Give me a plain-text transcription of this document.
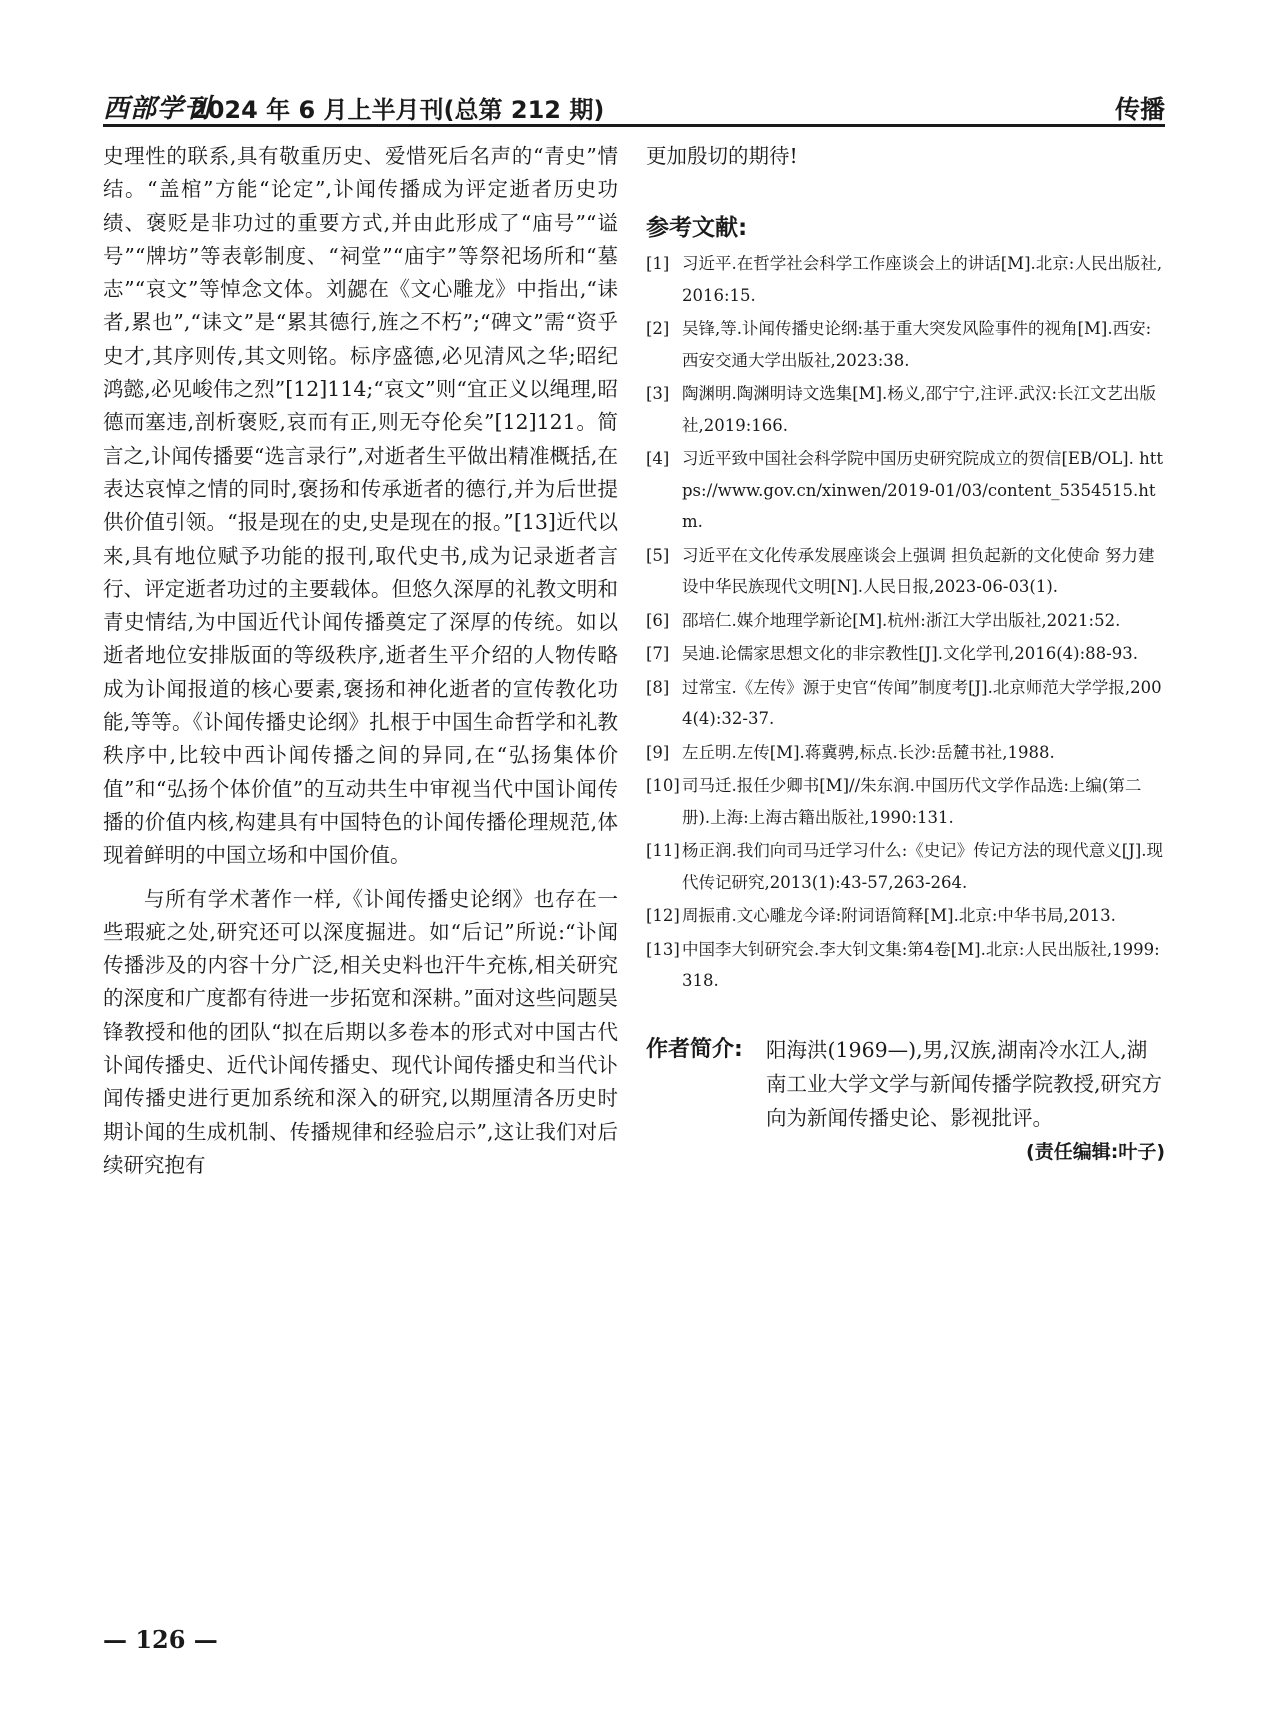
西部学刊
2024 年 6 月上半月刊(总第 212 期)	传播

史理性的联系,具有敬重历史、爱惜死后名声的“青史”情结。“盖棺”方能“论定”,讣闻传播成为评定逝者历史功绩、褒贬是非功过的重要方式,并由此形成了“庙号”“谥号”“牌坊”等表彰制度、“祠堂”“庙宇”等祭祀场所和“墓志”“哀文”等悼念文体。刘勰在《文心雕龙》中指出,“诔者,累也”,“诔文”是“累其德行,旌之不朽”;“碑文”需“资乎史才,其序则传,其文则铭。标序盛德,必见清风之华;昭纪鸿懿,必见峻伟之烈”[12]114;“哀文”则“宜正义以绳理,昭德而塞违,剖析褒贬,哀而有正,则无夺伦矣”[12]121。简言之,讣闻传播要“选言录行”,对逝者生平做出精准概括,在表达哀悼之情的同时,褒扬和传承逝者的德行,并为后世提供价值引领。“报是现在的史,史是现在的报。”[13]近代以来,具有地位赋予功能的报刊,取代史书,成为记录逝者言行、评定逝者功过的主要载体。但悠久深厚的礼教文明和青史情结,为中国近代讣闻传播奠定了深厚的传统。如以逝者地位安排版面的等级秩序,逝者生平介绍的人物传略成为讣闻报道的核心要素,褒扬和神化逝者的宣传教化功能,等等。《讣闻传播史论纲》扎根于中国生命哲学和礼教秩序中,比较中西讣闻传播之间的异同,在“弘扬集体价值”和“弘扬个体价值”的互动共生中审视当代中国讣闻传播的价值内核,构建具有中国特色的讣闻传播伦理规范,体现着鲜明的中国立场和中国价值。

与所有学术著作一样,《讣闻传播史论纲》也存在一些瑕疵之处,研究还可以深度掘进。如“后记”所说:“讣闻传播涉及的内容十分广泛,相关史料也汗牛充栋,相关研究的深度和广度都有待进一步拓宽和深耕。”面对这些问题吴锋教授和他的团队“拟在后期以多卷本的形式对中国古代讣闻传播史、近代讣闻传播史、现代讣闻传播史和当代讣闻传播史进行更加系统和深入的研究,以期厘清各历史时期讣闻的生成机制、传播规律和经验启示”,这让我们对后续研究抱有

更加殷切的期待!

参考文献:
[1] 习近平.在哲学社会科学工作座谈会上的讲话[M].北京:人民出版社,2016:15.
[2] 吴锋,等.讣闻传播史论纲:基于重大突发风险事件的视角[M].西安:西安交通大学出版社,2023:38.
[3] 陶渊明.陶渊明诗文选集[M].杨义,邵宁宁,注评.武汉:长江文艺出版社,2019:166.
[4] 习近平致中国社会科学院中国历史研究院成立的贺信[EB/OL]. https://www.gov.cn/xinwen/2019-01/03/content_5354515.htm.
[5] 习近平在文化传承发展座谈会上强调 担负起新的文化使命 努力建设中华民族现代文明[N].人民日报,2023-06-03(1).
[6] 邵培仁.媒介地理学新论[M].杭州:浙江大学出版社,2021:52.
[7] 吴迪.论儒家思想文化的非宗教性[J].文化学刊,2016(4):88-93.
[8] 过常宝.《左传》源于史官“传闻”制度考[J].北京师范大学学报,2004(4):32-37.
[9] 左丘明.左传[M].蒋冀骋,标点.长沙:岳麓书社,1988.
[10] 司马迁.报任少卿书[M]//朱东润.中国历代文学作品选:上编(第二册).上海:上海古籍出版社,1990:131.
[11] 杨正润.我们向司马迁学习什么:《史记》传记方法的现代意义[J].现代传记研究,2013(1):43-57,263-264.
[12] 周振甫.文心雕龙今译:附词语简释[M].北京:中华书局,2013.
[13] 中国李大钊研究会.李大钊文集:第4卷[M].北京:人民出版社,1999:318.
作者简介: 阳海洪(1969—),男,汉族,湖南冷水江人,湖南工业大学文学与新闻传播学院教授,研究方向为新闻传播史论、影视批评。
(责任编辑:叶子)
— 126 —
